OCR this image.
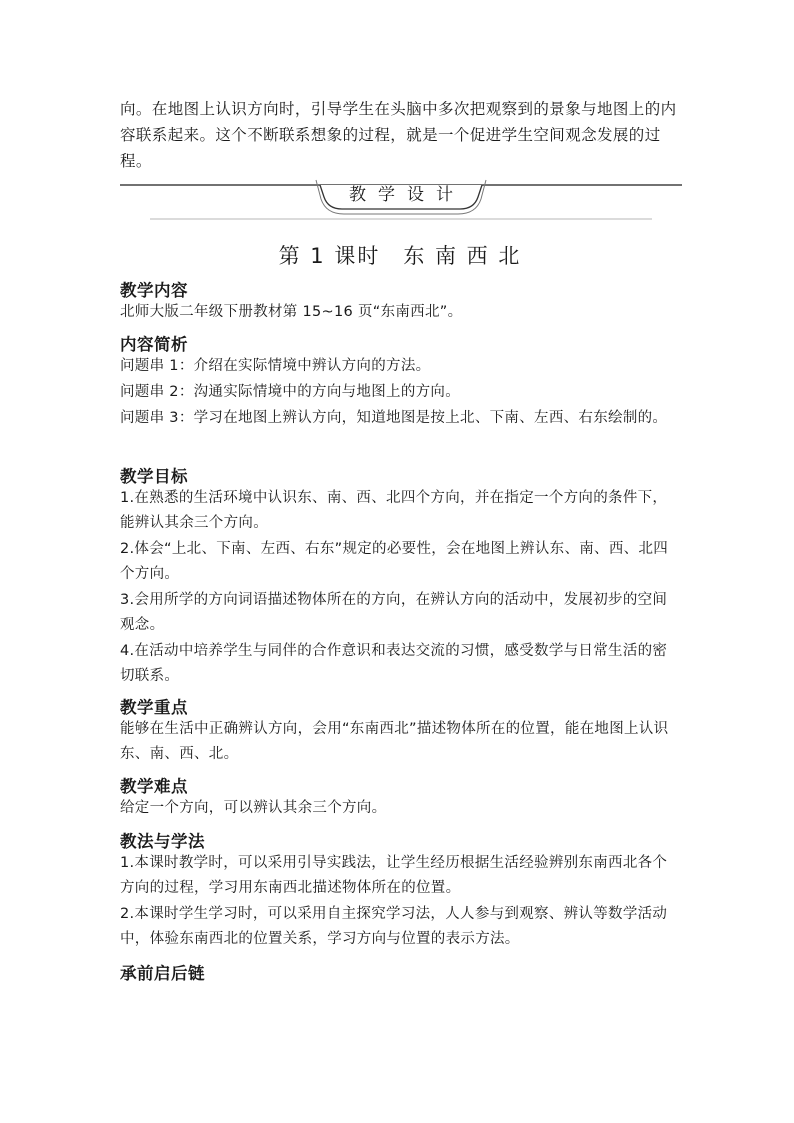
向。在地图上认识方向时，引导学生在头脑中多次把观察到的景象与地图上的内容联系起来。这个不断联系想象的过程，就是一个促进学生空间观念发展的过程。

教学设计
第 1 课时　东 南 西 北
教学内容

北师大版二年级下册教材第 15~16 页“东南西北”。

内容简析

问题串 1：介绍在实际情境中辨认方向的方法。

问题串 2：沟通实际情境中的方向与地图上的方向。

问题串 3：学习在地图上辨认方向，知道地图是按上北、下南、左西、右东绘制的。

教学目标

1.在熟悉的生活环境中认识东、南、西、北四个方向，并在指定一个方向的条件下，能辨认其余三个方向。

2.体会“上北、下南、左西、右东”规定的必要性，会在地图上辨认东、南、西、北四个方向。

3.会用所学的方向词语描述物体所在的方向，在辨认方向的活动中，发展初步的空间观念。

4.在活动中培养学生与同伴的合作意识和表达交流的习惯，感受数学与日常生活的密切联系。

教学重点

能够在生活中正确辨认方向，会用“东南西北”描述物体所在的位置，能在地图上认识东、南、西、北。

教学难点

给定一个方向，可以辨认其余三个方向。

教法与学法

1.本课时教学时，可以采用引导实践法，让学生经历根据生活经验辨别东南西北各个方向的过程，学习用东南西北描述物体所在的位置。

2.本课时学生学习时，可以采用自主探究学习法，人人参与到观察、辨认等数学活动中，体验东南西北的位置关系，学习方向与位置的表示方法。

承前启后链
